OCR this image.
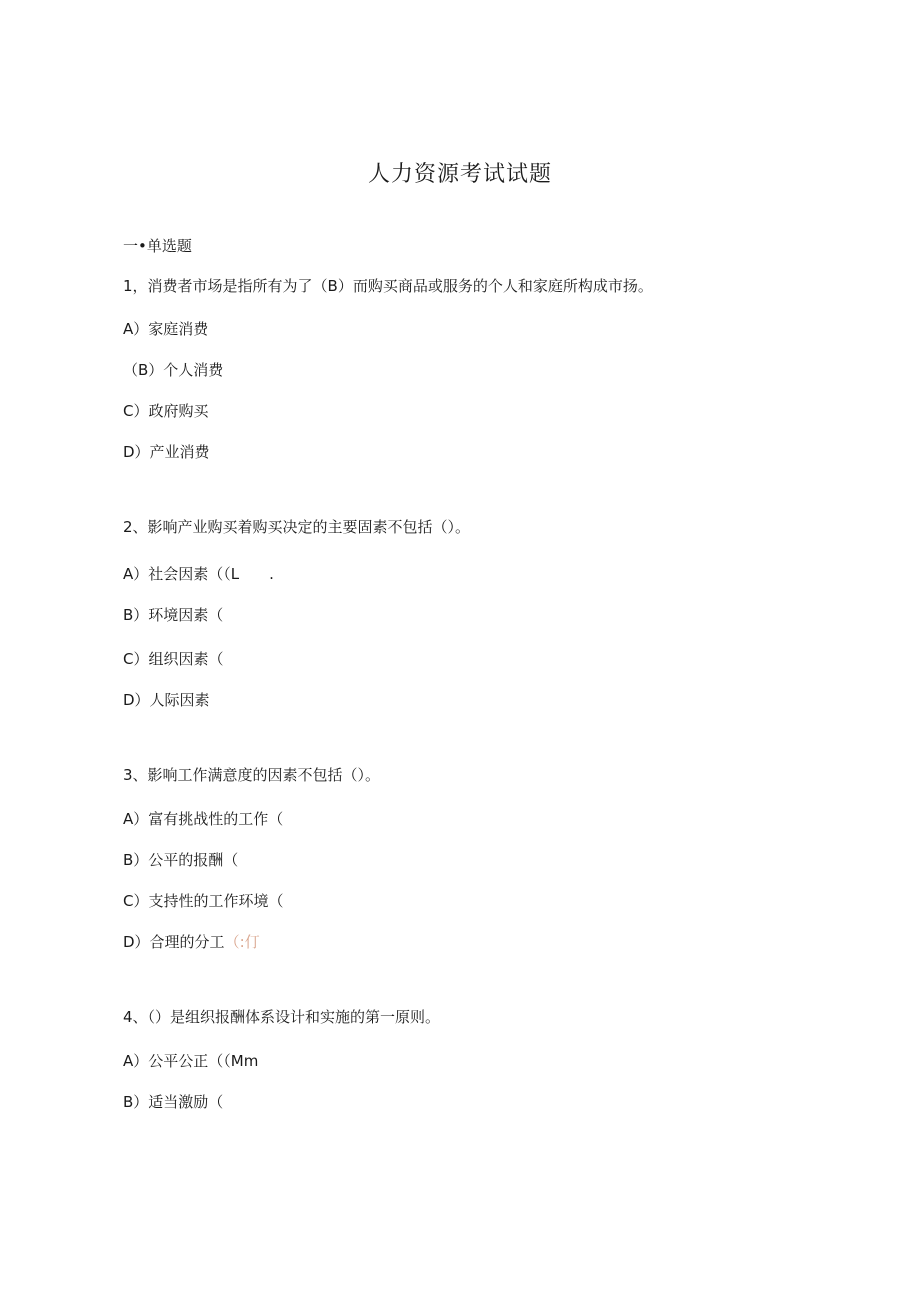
人力资源考试试题
一•单选题
1，消费者市场是指所有为了（B）而购买商品或服务的个人和家庭所构成市扬。
A）家庭消费
（B）个人消费
C）政府购买
D）产业消费
2、影响产业购买着购买决定的主要固素不包括（）。
A）社会因素（（L　　.
B）环境因素（
C）组织因素（
D）人际因素
3、影响工作满意度的因素不包括（）。
A）富有挑战性的工作（
B）公平的报酬（
C）支持性的工作环境（
D）合理的分工（:仃
4、（）是组织报酬体系设计和实施的第一原则。
A）公平公正（（Mm
B）适当激励（
